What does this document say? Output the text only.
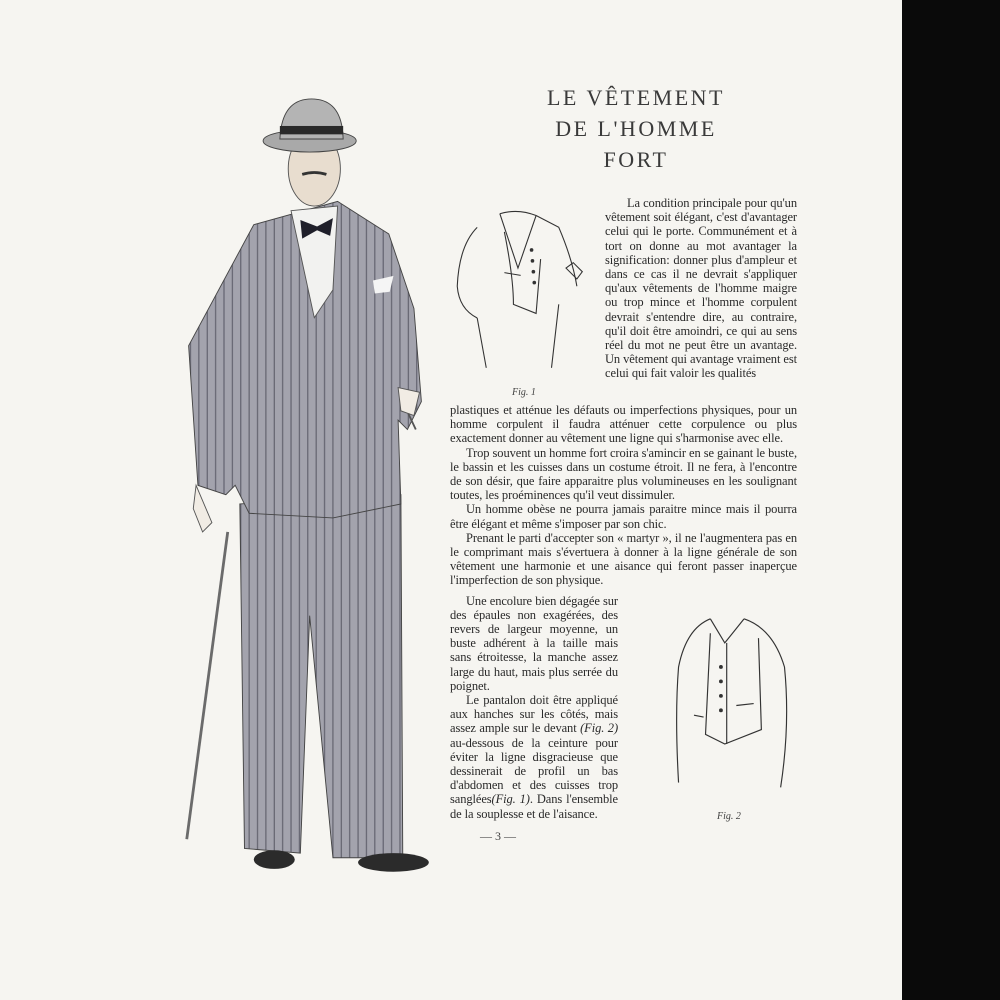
LE VÊTEMENT
DE L'HOMME FORT
Fig. 1

La condition principale pour qu'un vêtement soit élégant, c'est d'avantager celui qui le porte. Communément et à tort on donne au mot avantager la signification: donner plus d'ampleur et dans ce cas il ne devrait s'appliquer qu'aux vêtements de l'homme maigre ou trop mince et l'homme corpulent devrait s'entendre dire, au contraire, qu'il doit être amoindri, ce qui au sens réel du mot ne peut être un avantage. Un vêtement qui avantage vraiment est celui qui fait valoir les qualités

plastiques et atténue les défauts ou imperfections physiques, pour un homme corpulent il faudra atténuer cette corpulence ou plus exactement donner au vêtement une ligne qui s'harmonise avec elle.

Trop souvent un homme fort croira s'amincir en se gainant le buste, le bassin et les cuisses dans un costume étroit. Il ne fera, à l'encontre de son désir, que faire apparaitre plus volumineuses en les soulignant toutes, les proéminences qu'il veut dissimuler.

Un homme obèse ne pourra jamais paraitre mince mais il pourra être élégant et même s'imposer par son chic.

Prenant le parti d'accepter son « martyr », il ne l'augmentera pas en le comprimant mais s'évertuera à donner à la ligne générale de son vêtement une harmonie et une aisance qui feront passer inaperçue l'imperfection de son physique.

Une encolure bien dégagée sur des épaules non exagérées, des revers de largeur moyenne, un buste adhérent à la taille mais sans étroitesse, la manche assez large du haut, mais plus serrée du poignet.

Le pantalon doit être appliqué aux hanches sur les côtés, mais assez ample sur le devant (Fig. 2) au-dessous de la ceinture pour éviter la ligne disgracieuse que dessinerait de profil un bas d'abdomen et des cuisses trop sanglées(Fig. 1). Dans l'ensemble de la souplesse et de l'aisance.

— 3 —
Fig. 2
